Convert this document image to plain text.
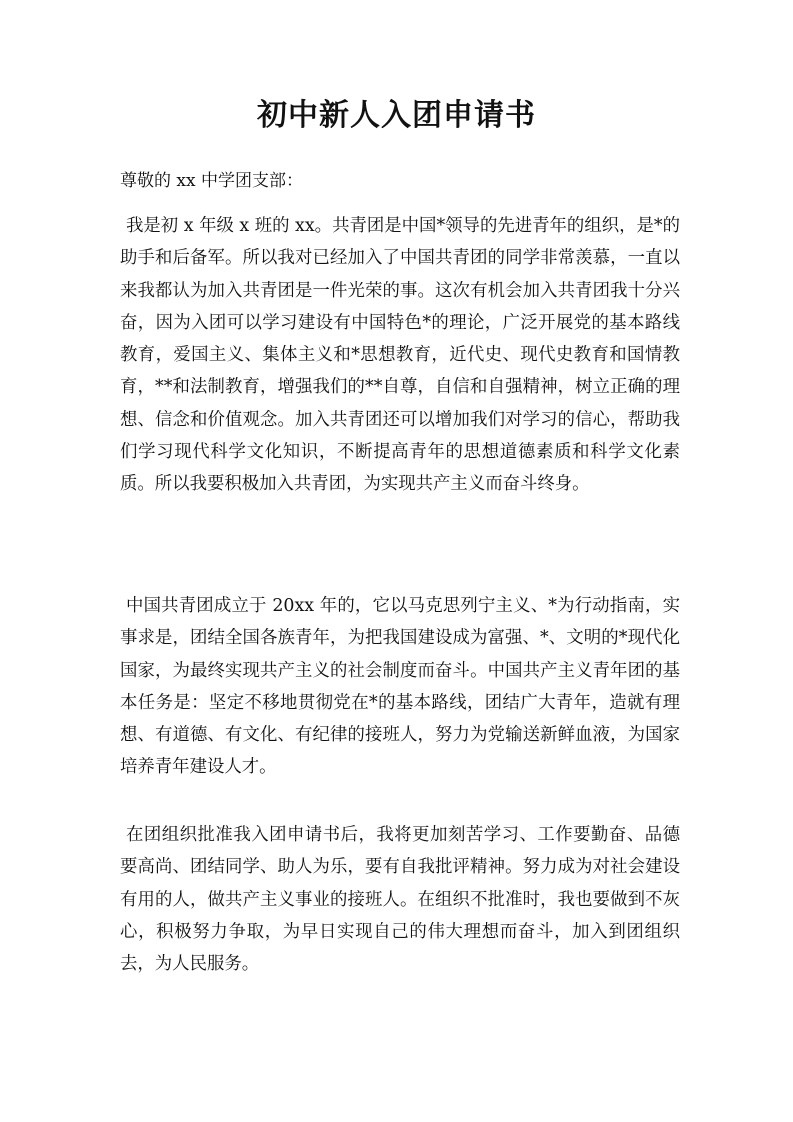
初中新人入团申请书
尊敬的 xx 中学团支部：
我是初 x 年级 x 班的 xx。共青团是中国*领导的先进青年的组织，是*的助手和后备军。所以我对已经加入了中国共青团的同学非常羡慕，一直以来我都认为加入共青团是一件光荣的事。这次有机会加入共青团我十分兴奋，因为入团可以学习建设有中国特色*的理论，广泛开展党的基本路线教育，爱国主义、集体主义和*思想教育，近代史、现代史教育和国情教育，**和法制教育，增强我们的**自尊，自信和自强精神，树立正确的理想、信念和价值观念。加入共青团还可以增加我们对学习的信心，帮助我们学习现代科学文化知识，不断提高青年的思想道德素质和科学文化素质。所以我要积极加入共青团，为实现共产主义而奋斗终身。
中国共青团成立于 20xx 年的，它以马克思列宁主义、*为行动指南，实事求是，团结全国各族青年，为把我国建设成为富强、*、文明的*现代化国家，为最终实现共产主义的社会制度而奋斗。中国共产主义青年团的基本任务是：坚定不移地贯彻党在*的基本路线，团结广大青年，造就有理想、有道德、有文化、有纪律的接班人，努力为党输送新鲜血液，为国家培养青年建设人才。
在团组织批准我入团申请书后，我将更加刻苦学习、工作要勤奋、品德要高尚、团结同学、助人为乐，要有自我批评精神。努力成为对社会建设有用的人，做共产主义事业的接班人。在组织不批准时，我也要做到不灰心，积极努力争取，为早日实现自己的伟大理想而奋斗，加入到团组织去，为人民服务。
